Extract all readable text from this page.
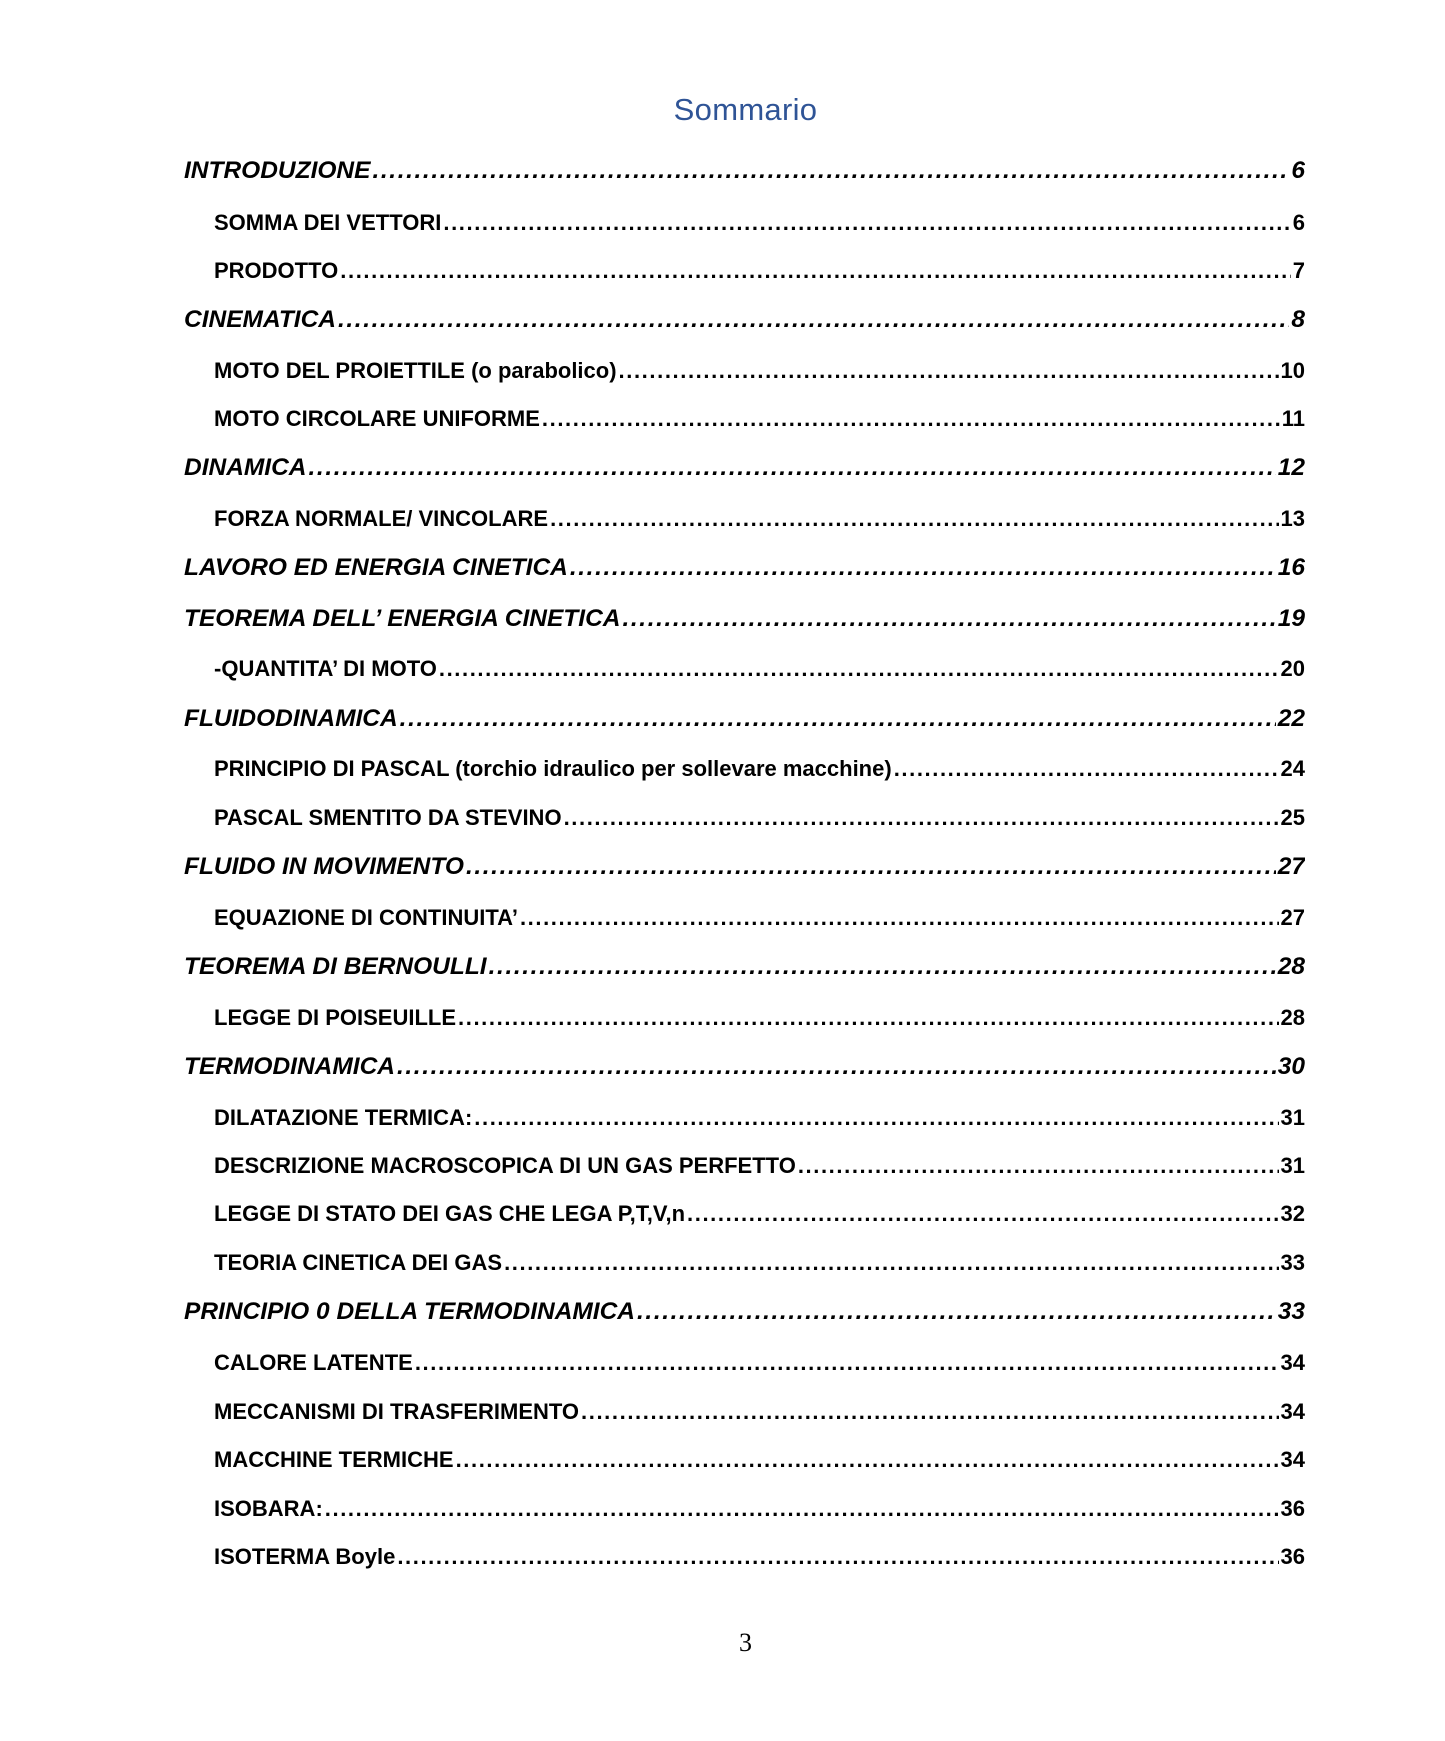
Sommario
INTRODUZIONE .....	6
SOMMA DEI VETTORI .....	6
PRODOTTO .....	7
CINEMATICA .....	8
MOTO DEL PROIETTILE (o parabolico) .....	10
MOTO CIRCOLARE UNIFORME .....	11
DINAMICA .....	12
FORZA NORMALE/ VINCOLARE .....	13
LAVORO ED ENERGIA CINETICA .....	16
TEOREMA DELL’ ENERGIA CINETICA .....	19
-QUANTITA’ DI MOTO .....	20
FLUIDODINAMICA .....	22
PRINCIPIO DI PASCAL (torchio idraulico per sollevare macchine) .....	24
PASCAL SMENTITO DA STEVINO .....	25
FLUIDO IN MOVIMENTO .....	27
EQUAZIONE DI CONTINUITA’ .....	27
TEOREMA DI BERNOULLI .....	28
LEGGE DI POISEUILLE .....	28
TERMODINAMICA .....	30
DILATAZIONE TERMICA: .....	31
DESCRIZIONE MACROSCOPICA DI UN GAS PERFETTO .....	31
LEGGE DI STATO DEI GAS CHE LEGA P,T,V,n .....	32
TEORIA CINETICA DEI GAS .....	33
PRINCIPIO 0 DELLA TERMODINAMICA .....	33
CALORE LATENTE .....	34
MECCANISMI DI TRASFERIMENTO .....	34
MACCHINE TERMICHE .....	34
ISOBARA: .....	36
ISOTERMA Boyle .....	36
3
